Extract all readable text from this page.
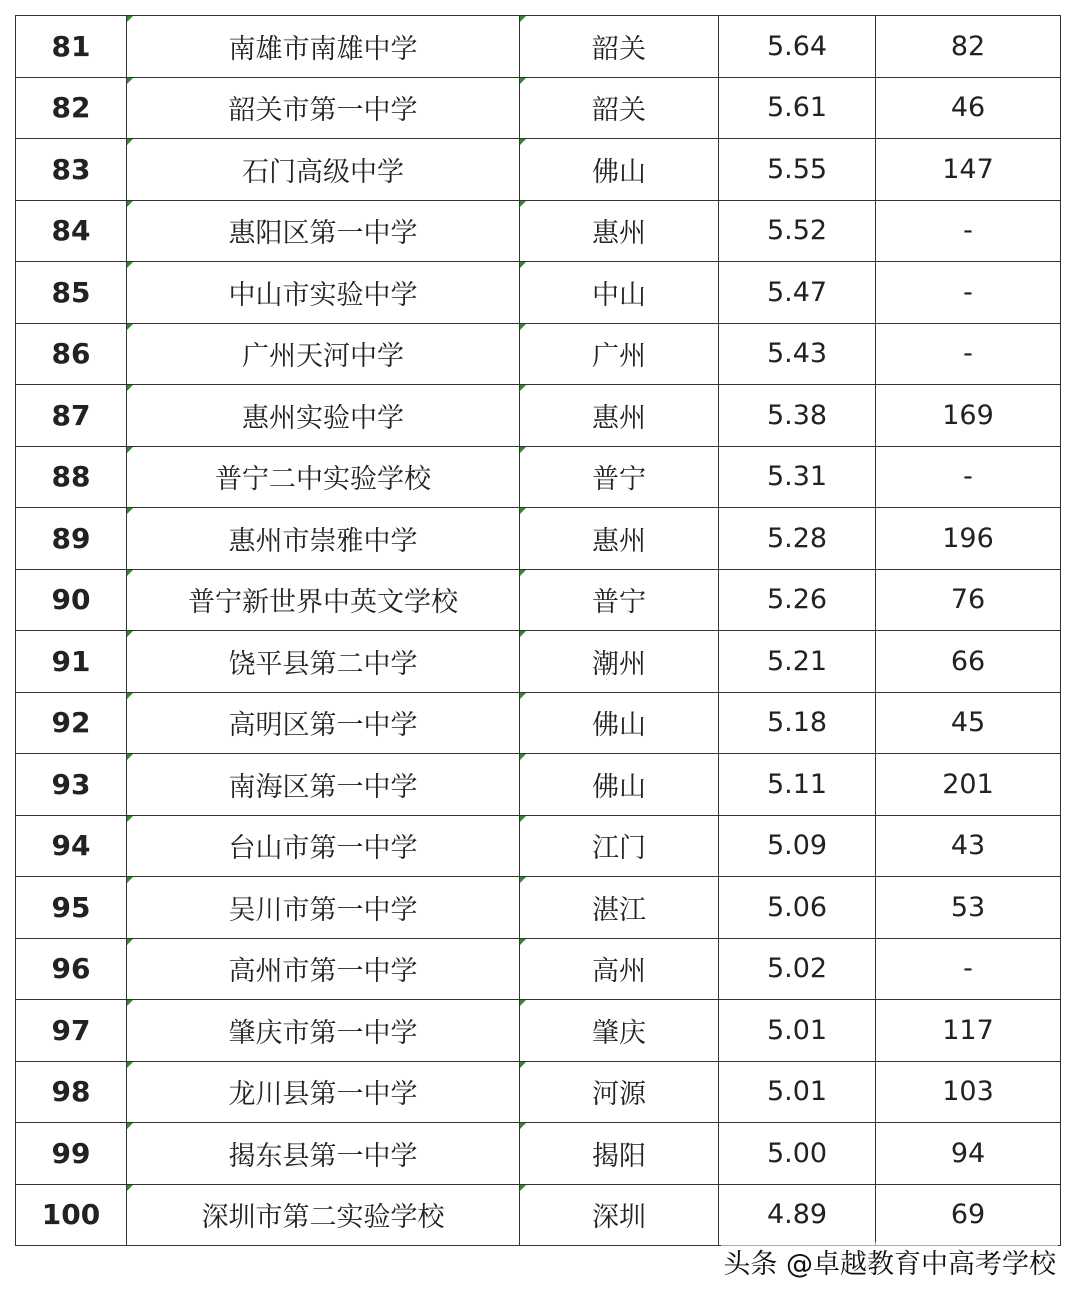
81	南雄市南雄中学	韶关	5.64	82
82	韶关市第一中学	韶关	5.61	46
83	石门高级中学	佛山	5.55	147
84	惠阳区第一中学	惠州	5.52	-
85	中山市实验中学	中山	5.47	-
86	广州天河中学	广州	5.43	-
87	惠州实验中学	惠州	5.38	169
88	普宁二中实验学校	普宁	5.31	-
89	惠州市崇雅中学	惠州	5.28	196
90	普宁新世界中英文学校	普宁	5.26	76
91	饶平县第二中学	潮州	5.21	66
92	高明区第一中学	佛山	5.18	45
93	南海区第一中学	佛山	5.11	201
94	台山市第一中学	江门	5.09	43
95	吴川市第一中学	湛江	5.06	53
96	高州市第一中学	高州	5.02	-
97	肇庆市第一中学	肇庆	5.01	117
98	龙川县第一中学	河源	5.01	103
99	揭东县第一中学	揭阳	5.00	94
100	深圳市第二实验学校	深圳	4.89	69
头条 @卓越教育中高考学校
